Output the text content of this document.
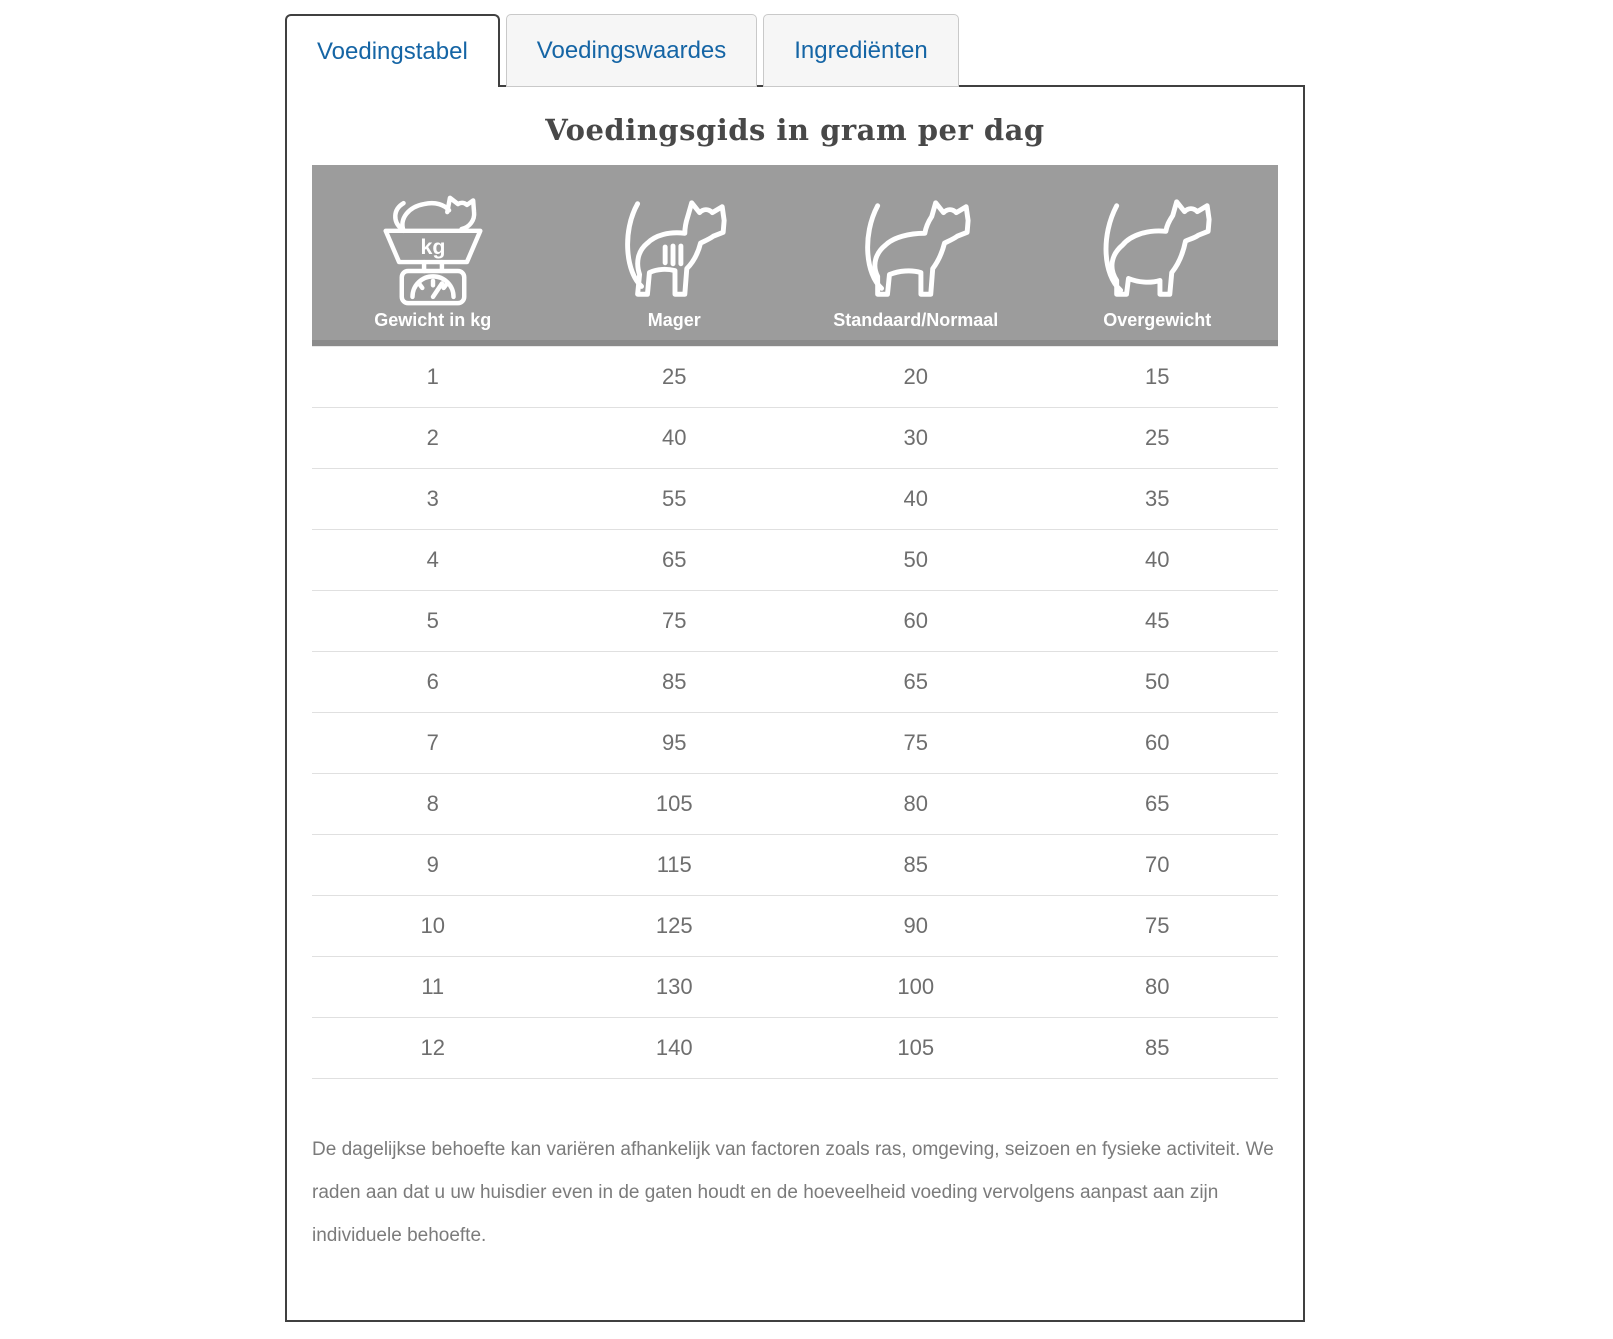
Voedingstabel	Voedingswaardes	Ingrediënten
Voedingsgids in gram per dag
kg
Gewicht in kg	Mager	Standaard/Normaal	Overgewicht
1	25	20	15
2	40	30	25
3	55	40	35
4	65	50	40
5	75	60	45
6	85	65	50
7	95	75	60
8	105	80	65
9	115	85	70
10	125	90	75
11	130	100	80
12	140	105	85

De dagelijkse behoefte kan variëren afhankelijk van factoren zoals ras, omgeving, seizoen en fysieke activiteit. We raden aan dat u uw huisdier even in de gaten houdt en de hoeveelheid voeding vervolgens aanpast aan zijn individuele behoefte.
